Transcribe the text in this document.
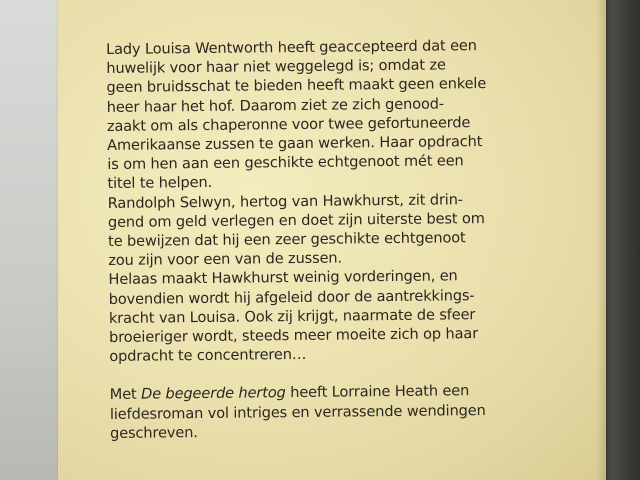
Lady Louisa Wentworth heeft geaccepteerd dat een
huwelijk voor haar niet weggelegd is; omdat ze
geen bruidsschat te bieden heeft maakt geen enkele
heer haar het hof. Daarom ziet ze zich genood-
zaakt om als chaperonne voor twee gefortuneerde
Amerikaanse zussen te gaan werken. Haar opdracht
is om hen aan een geschikte echtgenoot mét een
titel te helpen.
Randolph Selwyn, hertog van Hawkhurst, zit drin-
gend om geld verlegen en doet zijn uiterste best om
te bewijzen dat hij een zeer geschikte echtgenoot
zou zijn voor een van de zussen.
Helaas maakt Hawkhurst weinig vorderingen, en
bovendien wordt hij afgeleid door de aantrekkings-
kracht van Louisa. Ook zij krijgt, naarmate de sfeer
broeieriger wordt, steeds meer moeite zich op haar
opdracht te concentreren…
Met De begeerde hertog heeft Lorraine Heath een
liefdesroman vol intriges en verrassende wendingen
geschreven.
